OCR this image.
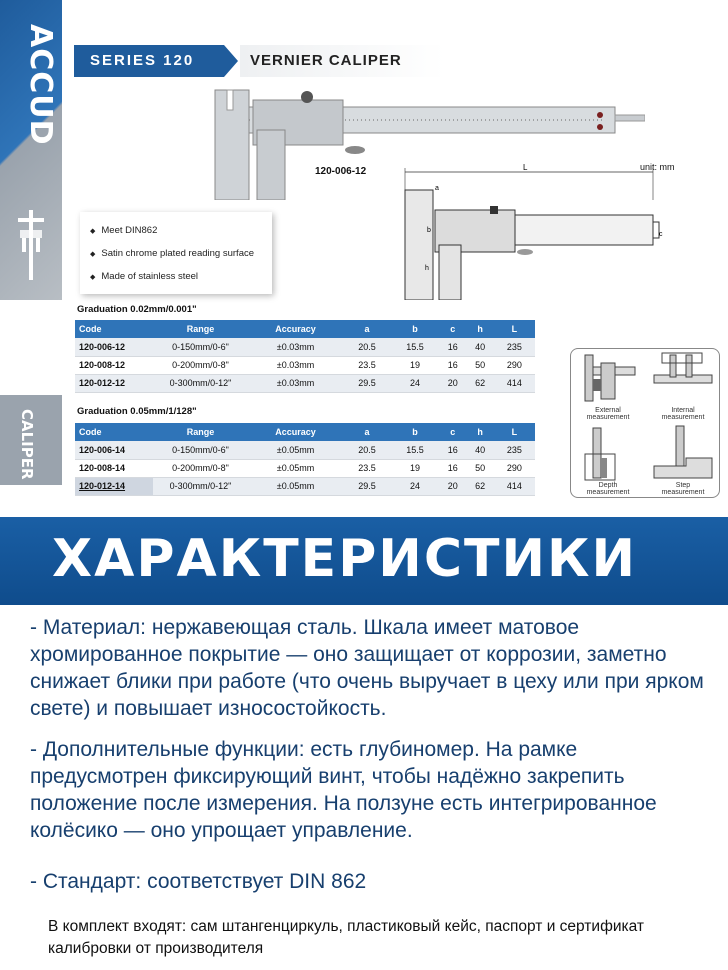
ACCUD
CALIPER
SERIES 120	VERNIER CALIPER
120-006-12	L
h
a
b
c
unit: mm
◆ Meet DIN862
◆ Satin chrome plated reading surface
◆ Made of stainless steel
Graduation 0.02mm/0.001"
Code	Range	Accuracy	a	b	c	h	L
120-006-12	0-150mm/0-6"	±0.03mm	20.5	15.5	16	40	235
120-008-12	0-200mm/0-8"	±0.03mm	23.5	19	16	50	290
120-012-12	0-300mm/0-12"	±0.03mm	29.5	24	20	62	414
Graduation 0.05mm/1/128"
Code	Range	Accuracy	a	b	c	h	L
120-006-14	0-150mm/0-6"	±0.05mm	20.5	15.5	16	40	235
120-008-14	0-200mm/0-8"	±0.05mm	23.5	19	16	50	290
120-012-14	0-300mm/0-12"	±0.05mm	29.5	24	20	62	414
External
measurement
Internal
measurement
Depth
measurement
Step
measurement
ХАРАКТЕРИСТИКИ

- Материал: нержавеющая сталь. Шкала имеет матовое хромированное покрытие — оно защищает от коррозии, заметно снижает блики при работе (что очень выручает в цеху или при ярком свете) и повышает износостойкость.

- Дополнительные функции: есть глубиномер. На рамке предусмотрен фиксирующий винт, чтобы надёжно закрепить положение после измерения. На ползуне есть интегрированное колёсико — оно упрощает управление.

- Стандарт: соответствует DIN 862

В комплект входят: сам штангенциркуль, пластиковый кейс, паспорт и сертификат калибровки от производителя
